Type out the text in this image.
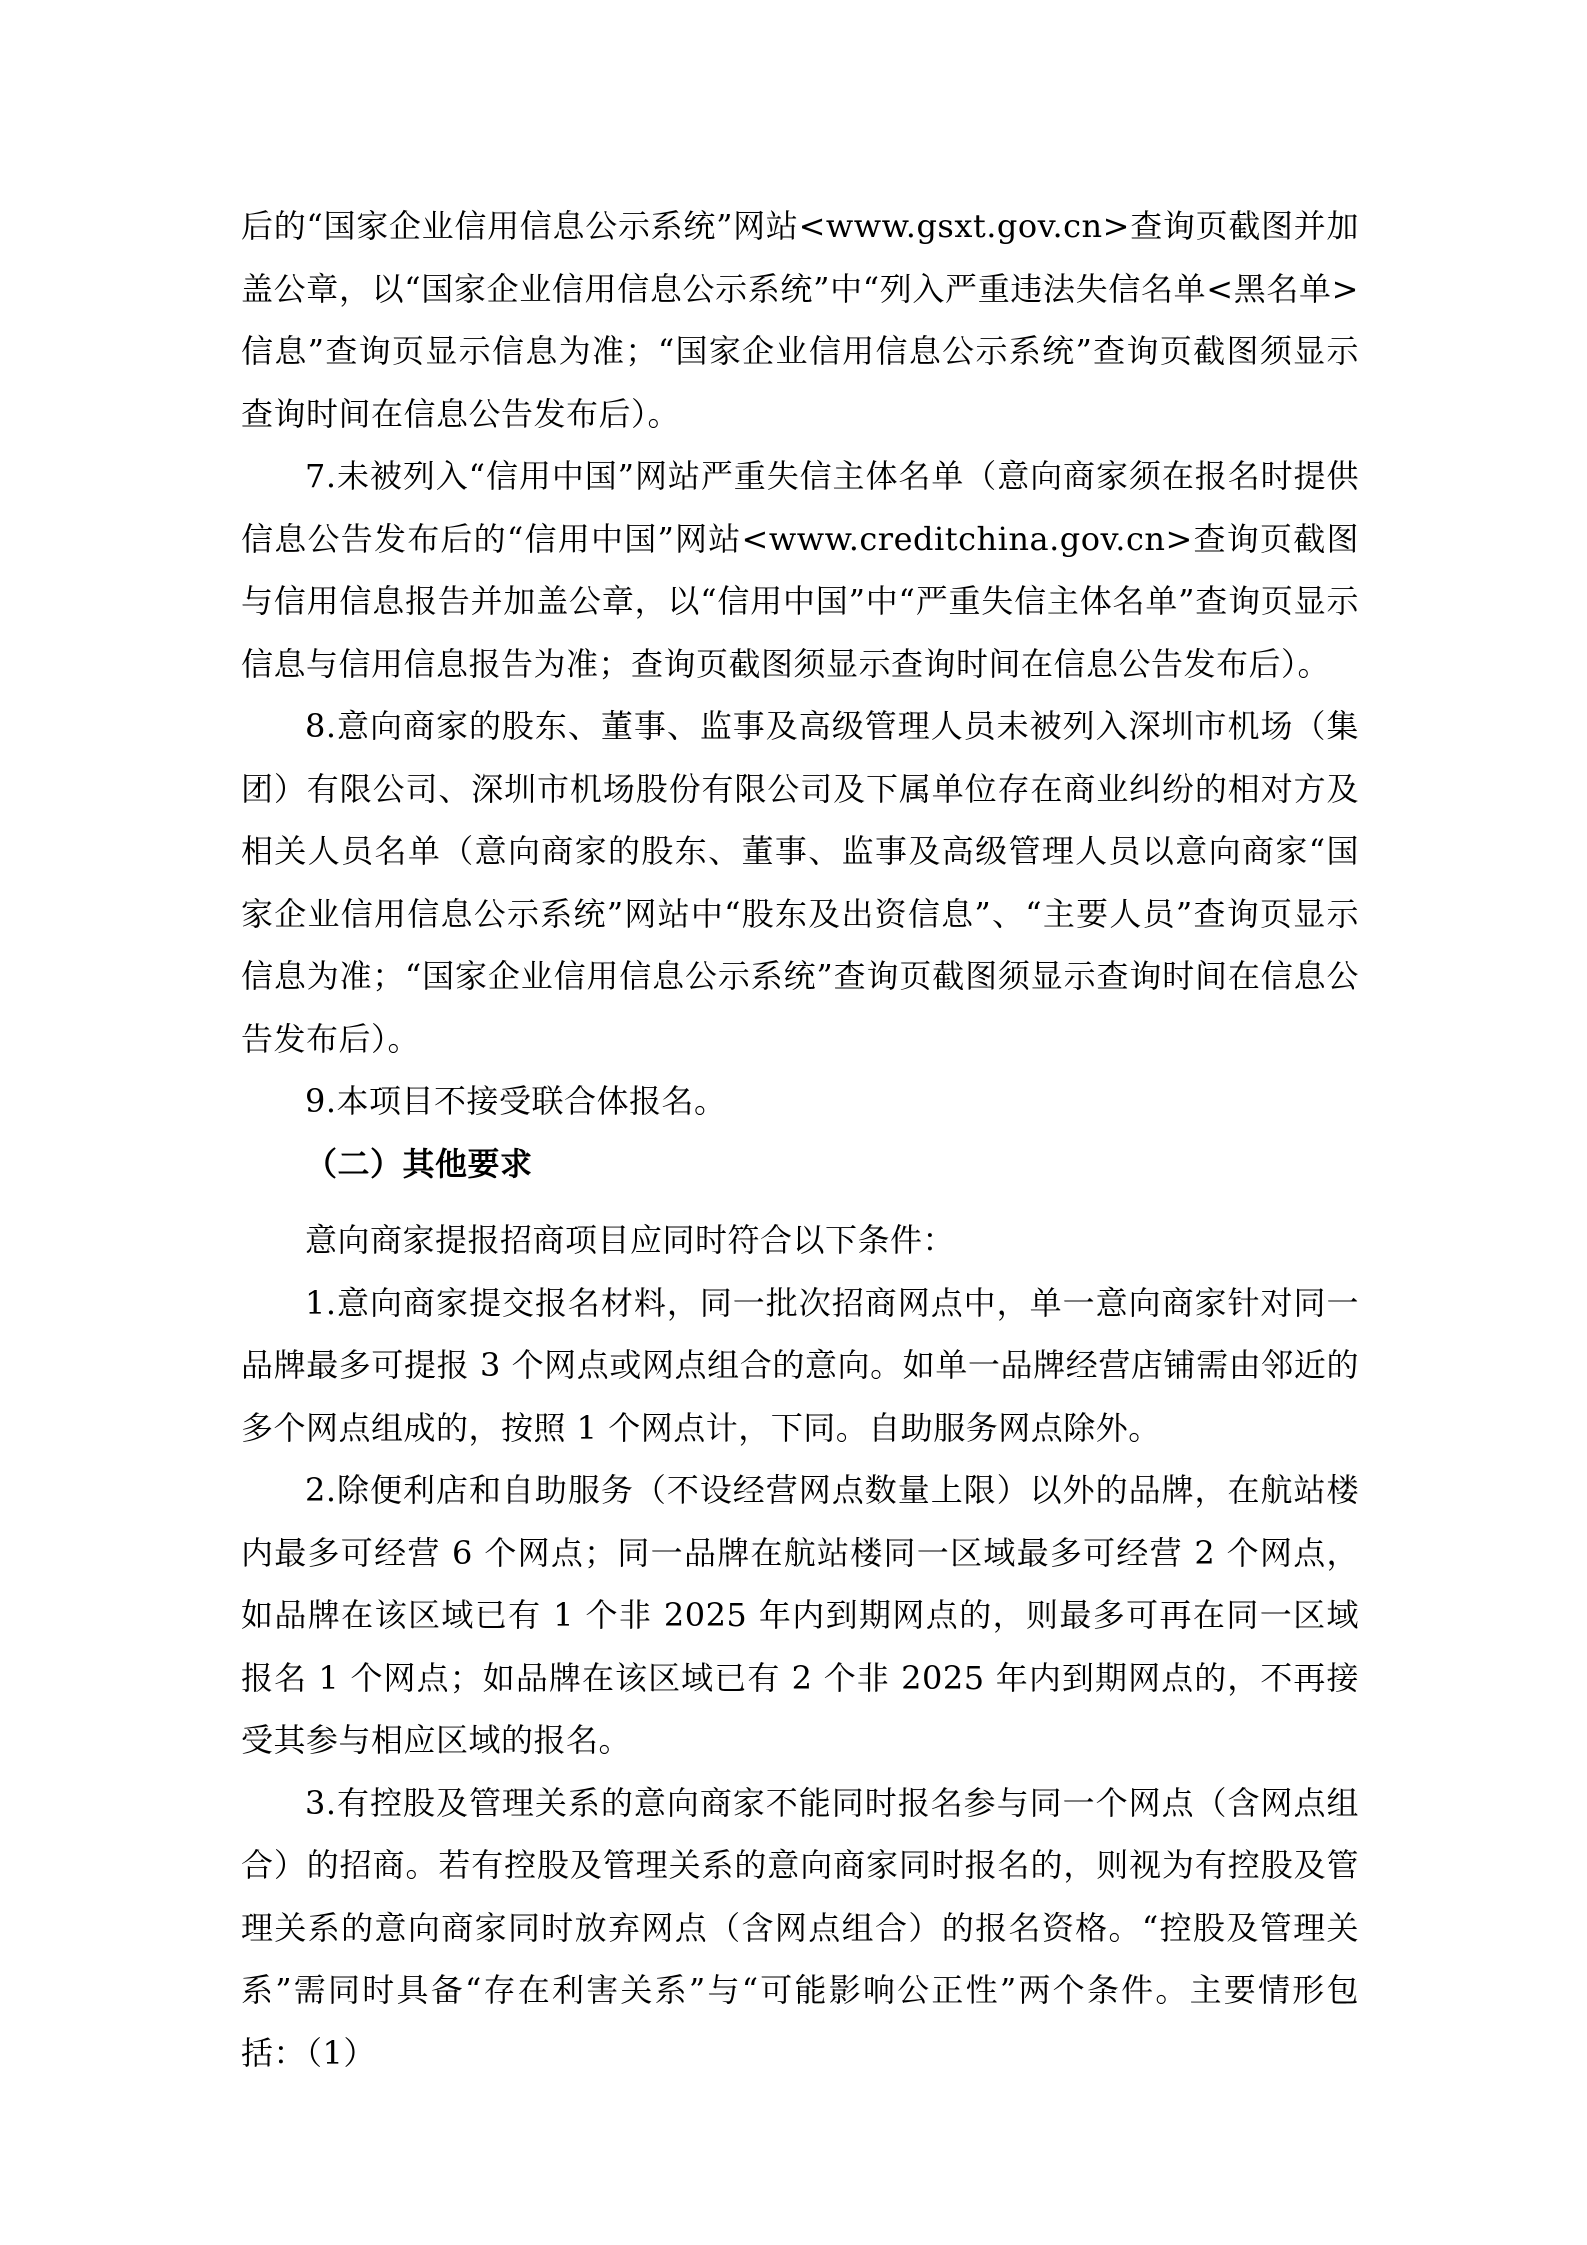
后的“国家企业信用信息公示系统”网站<www.gsxt.gov.cn>查询页截图并加盖公章，以“国家企业信用信息公示系统”中“列入严重违法失信名单<黑名单>信息”查询页显示信息为准；“国家企业信用信息公示系统”查询页截图须显示查询时间在信息公告发布后）。

7.未被列入“信用中国”网站严重失信主体名单（意向商家须在报名时提供信息公告发布后的“信用中国”网站<www.creditchina.gov.cn>查询页截图与信用信息报告并加盖公章，以“信用中国”中“严重失信主体名单”查询页显示信息与信用信息报告为准；查询页截图须显示查询时间在信息公告发布后）。

8.意向商家的股东、董事、监事及高级管理人员未被列入深圳市机场（集团）有限公司、深圳市机场股份有限公司及下属单位存在商业纠纷的相对方及相关人员名单（意向商家的股东、董事、监事及高级管理人员以意向商家“国家企业信用信息公示系统”网站中“股东及出资信息”、“主要人员”查询页显示信息为准；“国家企业信用信息公示系统”查询页截图须显示查询时间在信息公告发布后）。

9.本项目不接受联合体报名。

（二）其他要求

意向商家提报招商项目应同时符合以下条件：

1.意向商家提交报名材料，同一批次招商网点中，单一意向商家针对同一品牌最多可提报 3 个网点或网点组合的意向。如单一品牌经营店铺需由邻近的多个网点组成的，按照 1 个网点计，下同。自助服务网点除外。

2.除便利店和自助服务（不设经营网点数量上限）以外的品牌，在航站楼内最多可经营 6 个网点；同一品牌在航站楼同一区域最多可经营 2 个网点，如品牌在该区域已有 1 个非 2025 年内到期网点的，则最多可再在同一区域报名 1 个网点；如品牌在该区域已有 2 个非 2025 年内到期网点的，不再接受其参与相应区域的报名。

3.有控股及管理关系的意向商家不能同时报名参与同一个网点（含网点组合）的招商。若有控股及管理关系的意向商家同时报名的，则视为有控股及管理关系的意向商家同时放弃网点（含网点组合）的报名资格。“控股及管理关系”需同时具备“存在利害关系”与“可能影响公正性”两个条件。主要情形包括：（1）
